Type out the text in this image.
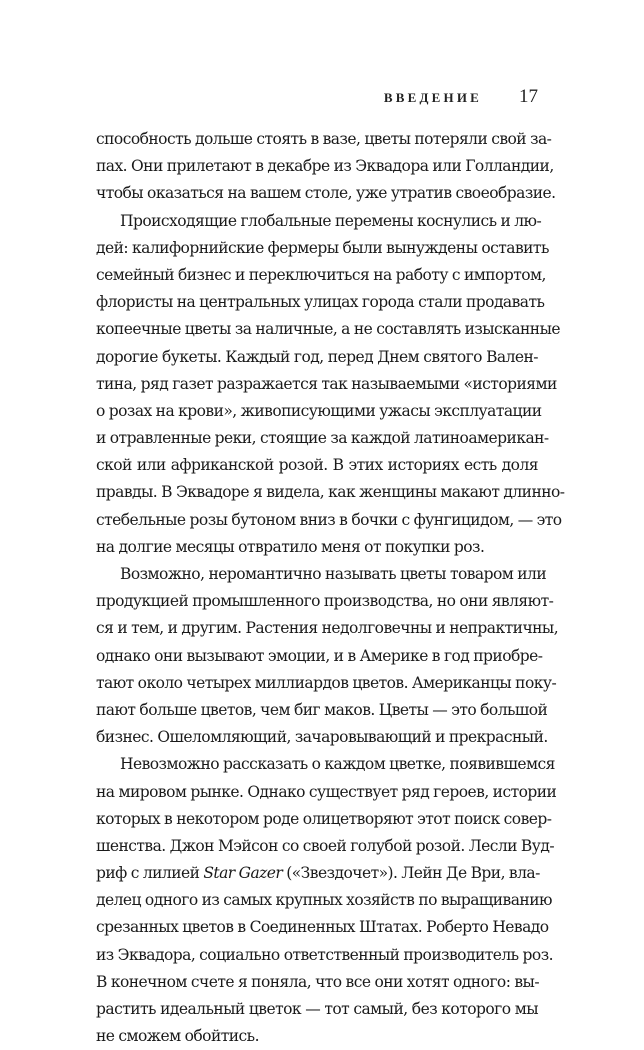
ВВЕДЕНИЕ 17

способность дольше стоять в вазе, цветы потеряли свой за-
пах. Они прилетают в декабре из Эквадора или Голландии,
чтобы оказаться на вашем столе, уже утратив своеобразие.

Происходящие глобальные перемены коснулись и лю-
дей: калифорнийские фермеры были вынуждены оставить
семейный бизнес и переключиться на работу с импортом,
флористы на центральных улицах города стали продавать
копеечные цветы за наличные, а не составлять изысканные
дорогие букеты. Каждый год, перед Днем святого Вален-
тина, ряд газет разражается так называемыми «историями
о розах на крови», живописующими ужасы эксплуатации
и отравленные реки, стоящие за каждой латиноамерикан-
ской или африканской розой. В этих историях есть доля
правды. В Эквадоре я видела, как женщины макают длинно-
стебельные розы бутоном вниз в бочки с фунгицидом, — это
на долгие месяцы отвратило меня от покупки роз.

Возможно, неромантично называть цветы товаром или
продукцией промышленного производства, но они являют-
ся и тем, и другим. Растения недолговечны и непрактичны,
однако они вызывают эмоции, и в Америке в год приобре-
тают около четырех миллиардов цветов. Американцы поку-
пают больше цветов, чем биг маков. Цветы — это большой
бизнес. Ошеломляющий, зачаровывающий и прекрасный.

Невозможно рассказать о каждом цветке, появившемся
на мировом рынке. Однако существует ряд героев, истории
которых в некотором роде олицетворяют этот поиск совер-
шенства. Джон Мэйсон со своей голубой розой. Лесли Вуд-
риф с лилией Star Gazer («Звездочет»). Лейн Де Bри, вла-
делец одного из самых крупных хозяйств по выращиванию
срезанных цветов в Соединенных Штатах. Роберто Невадо
из Эквадора, социально ответственный производитель роз.
В конечном счете я поняла, что все они хотят одного: вы-
растить идеальный цветок — тот самый, без которого мы
не сможем обойтись.
